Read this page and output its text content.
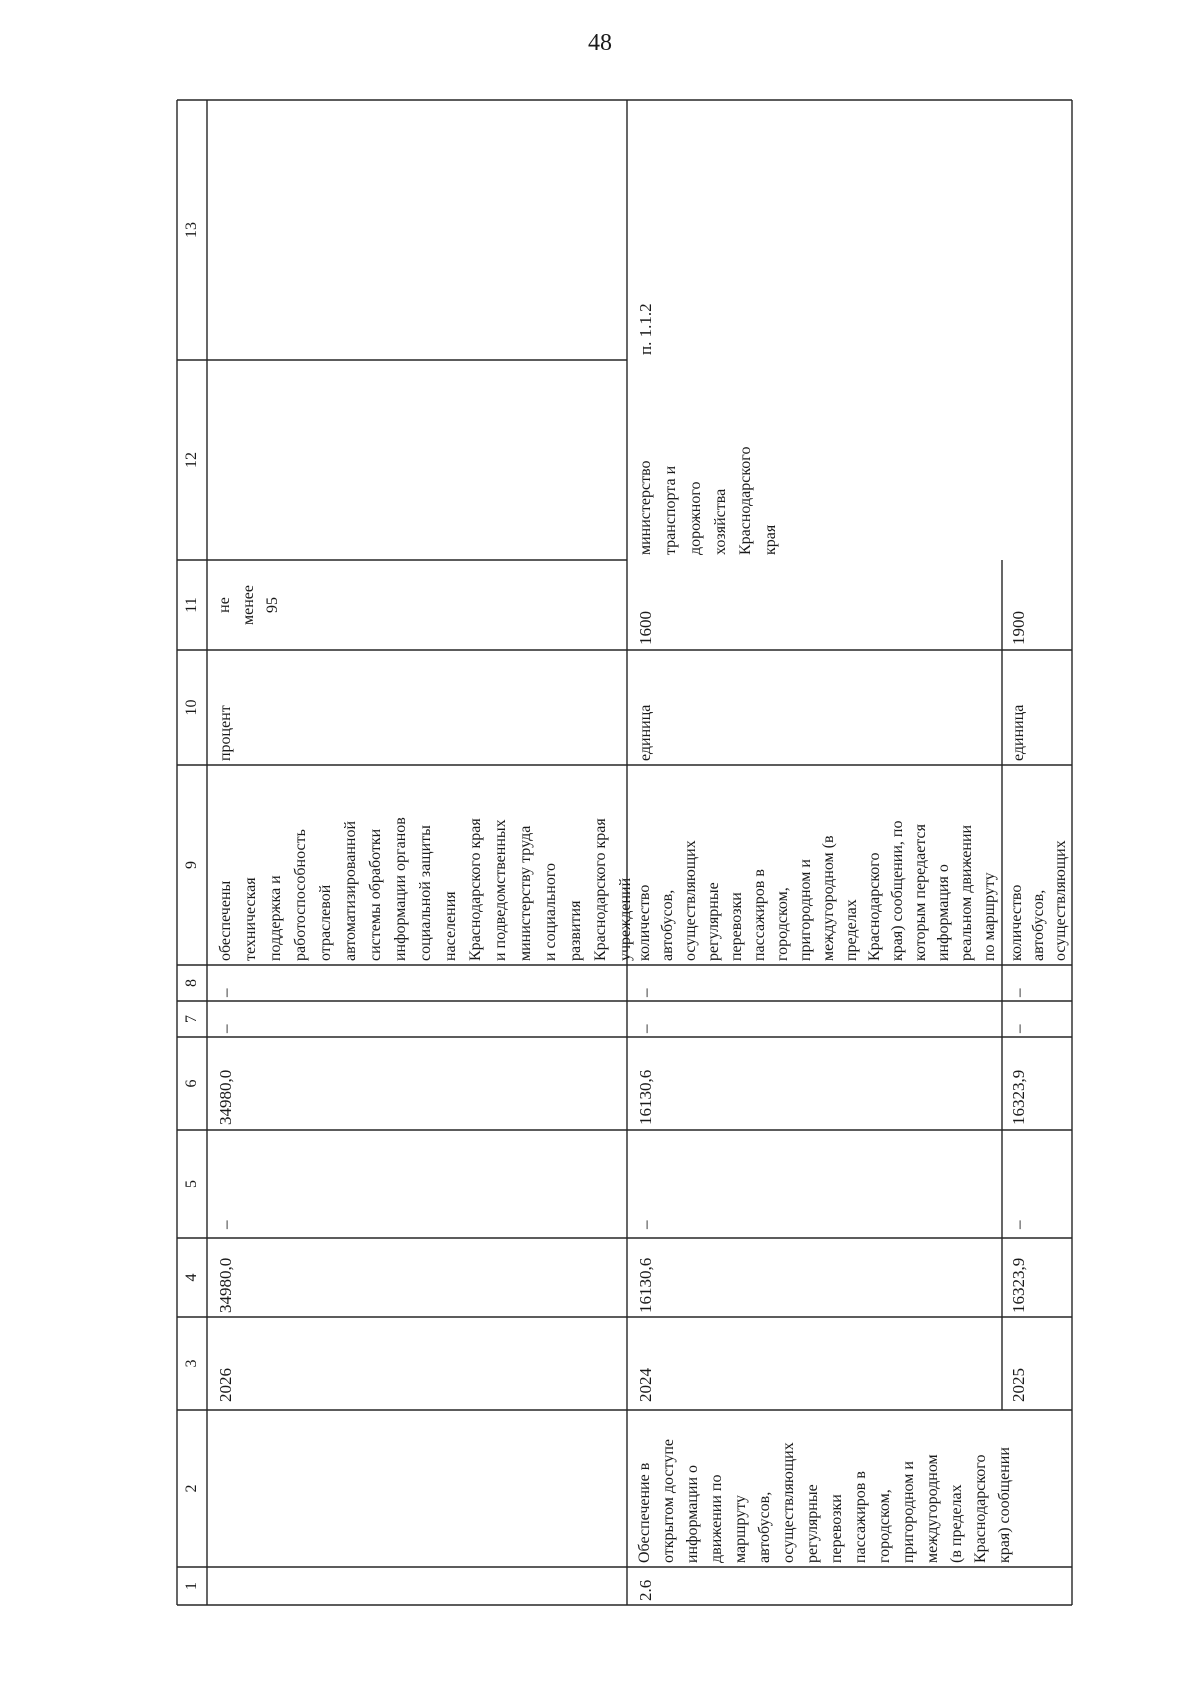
48
1
2
3
4
5
6
7
8
9
10
11
12
13
2026
34980,0
–
34980,0
–
–
обеспечены
техническая
поддержка и
работоспособность
отраслевой
автоматизированной
системы обработки
информации органов
социальной защиты
населения
Краснодарского края
и подведомственных
министерству труда
и социального
развития
Краснодарского края
учреждений
процент
не
менее
95
2.6
Обеспечение в
открытом доступе
информации о
движении по
маршруту
автобусов,
осуществляющих
регулярные
перевозки
пассажиров в
городском,
пригородном и
междугородном
(в пределах
Краснодарского
края) сообщении
2024
16130,6
–
16130,6
–
–
количество
автобусов,
осуществляющих
регулярные
перевозки
пассажиров в
городском,
пригородном и
междугородном (в
пределах
Краснодарского
края) сообщении, по
которым передается
информация о
реальном движении
по маршруту
единица
1600
министерство
транспорта и
дорожного
хозяйства
Краснодарского
края
п. 1.1.2
2025
16323,9
–
16323,9
–
–
количество
автобусов,
осуществляющих
единица
1900
